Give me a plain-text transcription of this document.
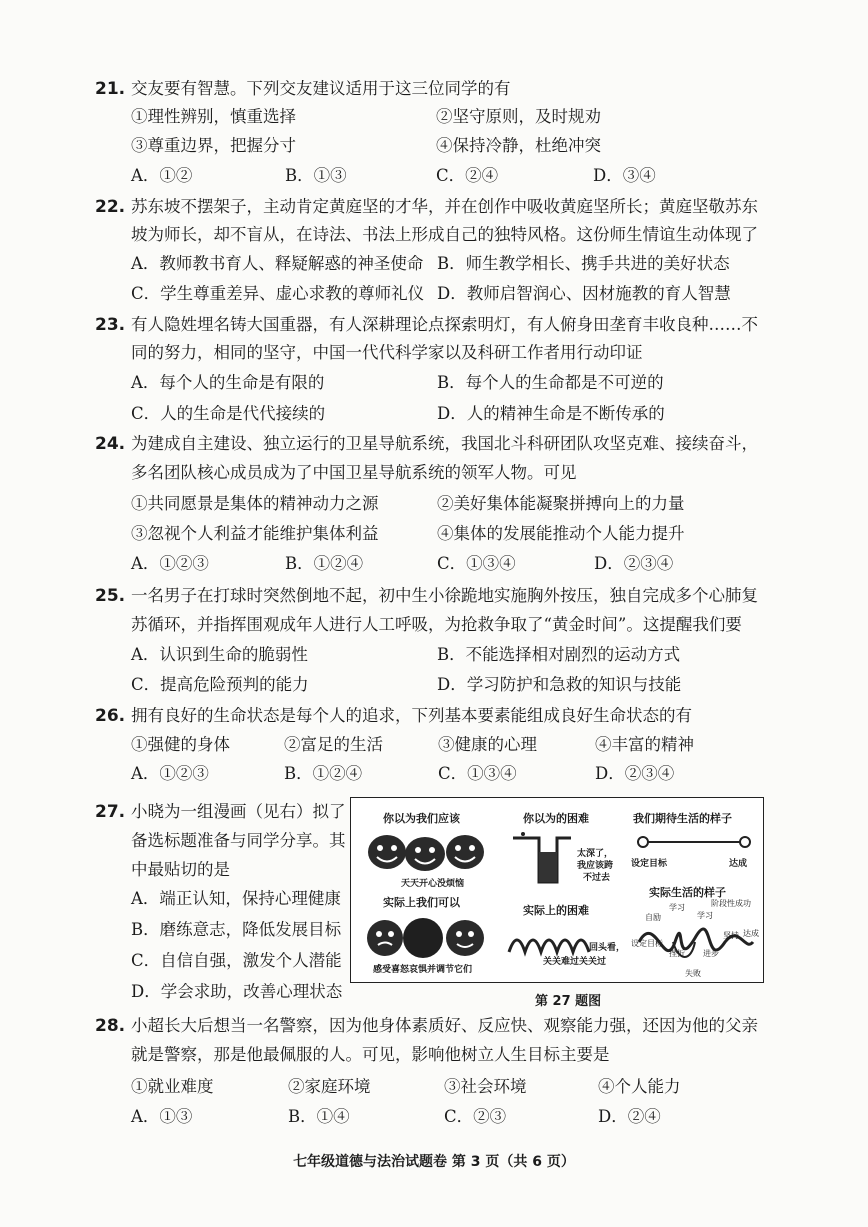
21. 交友要有智慧。下列交友建议适用于这三位同学的有
①理性辨别，慎重选择	②坚守原则，及时规劝
③尊重边界，把握分寸	④保持冷静，杜绝冲突
A．①②	B．①③	C．②④	D．③④
22. 苏东坡不摆架子，主动肯定黄庭坚的才华，并在创作中吸收黄庭坚所长；黄庭坚敬苏东
坡为师长，却不盲从，在诗法、书法上形成自己的独特风格。这份师生情谊生动体现了
A．教师教书育人、释疑解惑的神圣使命 B．师生教学相长、携手共进的美好状态
C．学生尊重差异、虚心求教的尊师礼仪 D．教师启智润心、因材施教的育人智慧
23. 有人隐姓埋名铸大国重器，有人深耕理论点探索明灯，有人俯身田垄育丰收良种……不
同的努力，相同的坚守，中国一代代科学家以及科研工作者用行动印证
A．每个人的生命是有限的	B．每个人的生命都是不可逆的
C．人的生命是代代接续的	D．人的精神生命是不断传承的
24. 为建成自主建设、独立运行的卫星导航系统，我国北斗科研团队攻坚克难、接续奋斗，
多名团队核心成员成为了中国卫星导航系统的领军人物。可见
①共同愿景是集体的精神动力之源	②美好集体能凝聚拼搏向上的力量
③忽视个人利益才能维护集体利益	④集体的发展能推动个人能力提升
A．①②③	B．①②④	C．①③④	D．②③④
25. 一名男子在打球时突然倒地不起，初中生小徐跪地实施胸外按压，独自完成多个心肺复
苏循环，并指挥围观成年人进行人工呼吸，为抢救争取了“黄金时间”。这提醒我们要
A．认识到生命的脆弱性	B．不能选择相对剧烈的运动方式
C．提高危险预判的能力	D．学习防护和急救的知识与技能
26. 拥有良好的生命状态是每个人的追求，下列基本要素能组成良好生命状态的有
①强健的身体	②富足的生活	③健康的心理	④丰富的精神
A．①②③	B．①②④	C．①③④	D．②③④
27. 小晓为一组漫画（见右）拟了
备选标题准备与同学分享。其
中最贴切的是
A．端正认知，保持心理健康
B．磨练意志，降低发展目标
C．自信自强，激发个人潜能
D．学会求助，改善心理状态
你以为我们应该
天天开心没烦恼
实际上我们可以
感受喜怒哀惧并调节它们
你以为的困难
太深了，
我应该跨
不过去
实际上的困难
回头看，
关关难过关关过
我们期待生活的样子
设定目标	达成
实际生活的样子
学习
学习
阶段性成功
自励
设定目标
挫折 进步
失败
坚持 达成
第 27 题图
28. 小超长大后想当一名警察，因为他身体素质好、反应快、观察能力强，还因为他的父亲
就是警察，那是他最佩服的人。可见，影响他树立人生目标主要是
①就业难度	②家庭环境	③社会环境	④个人能力
A．①③	B．①④	C．②③	D．②④
七年级道德与法治试题卷 第 3 页（共 6 页）
